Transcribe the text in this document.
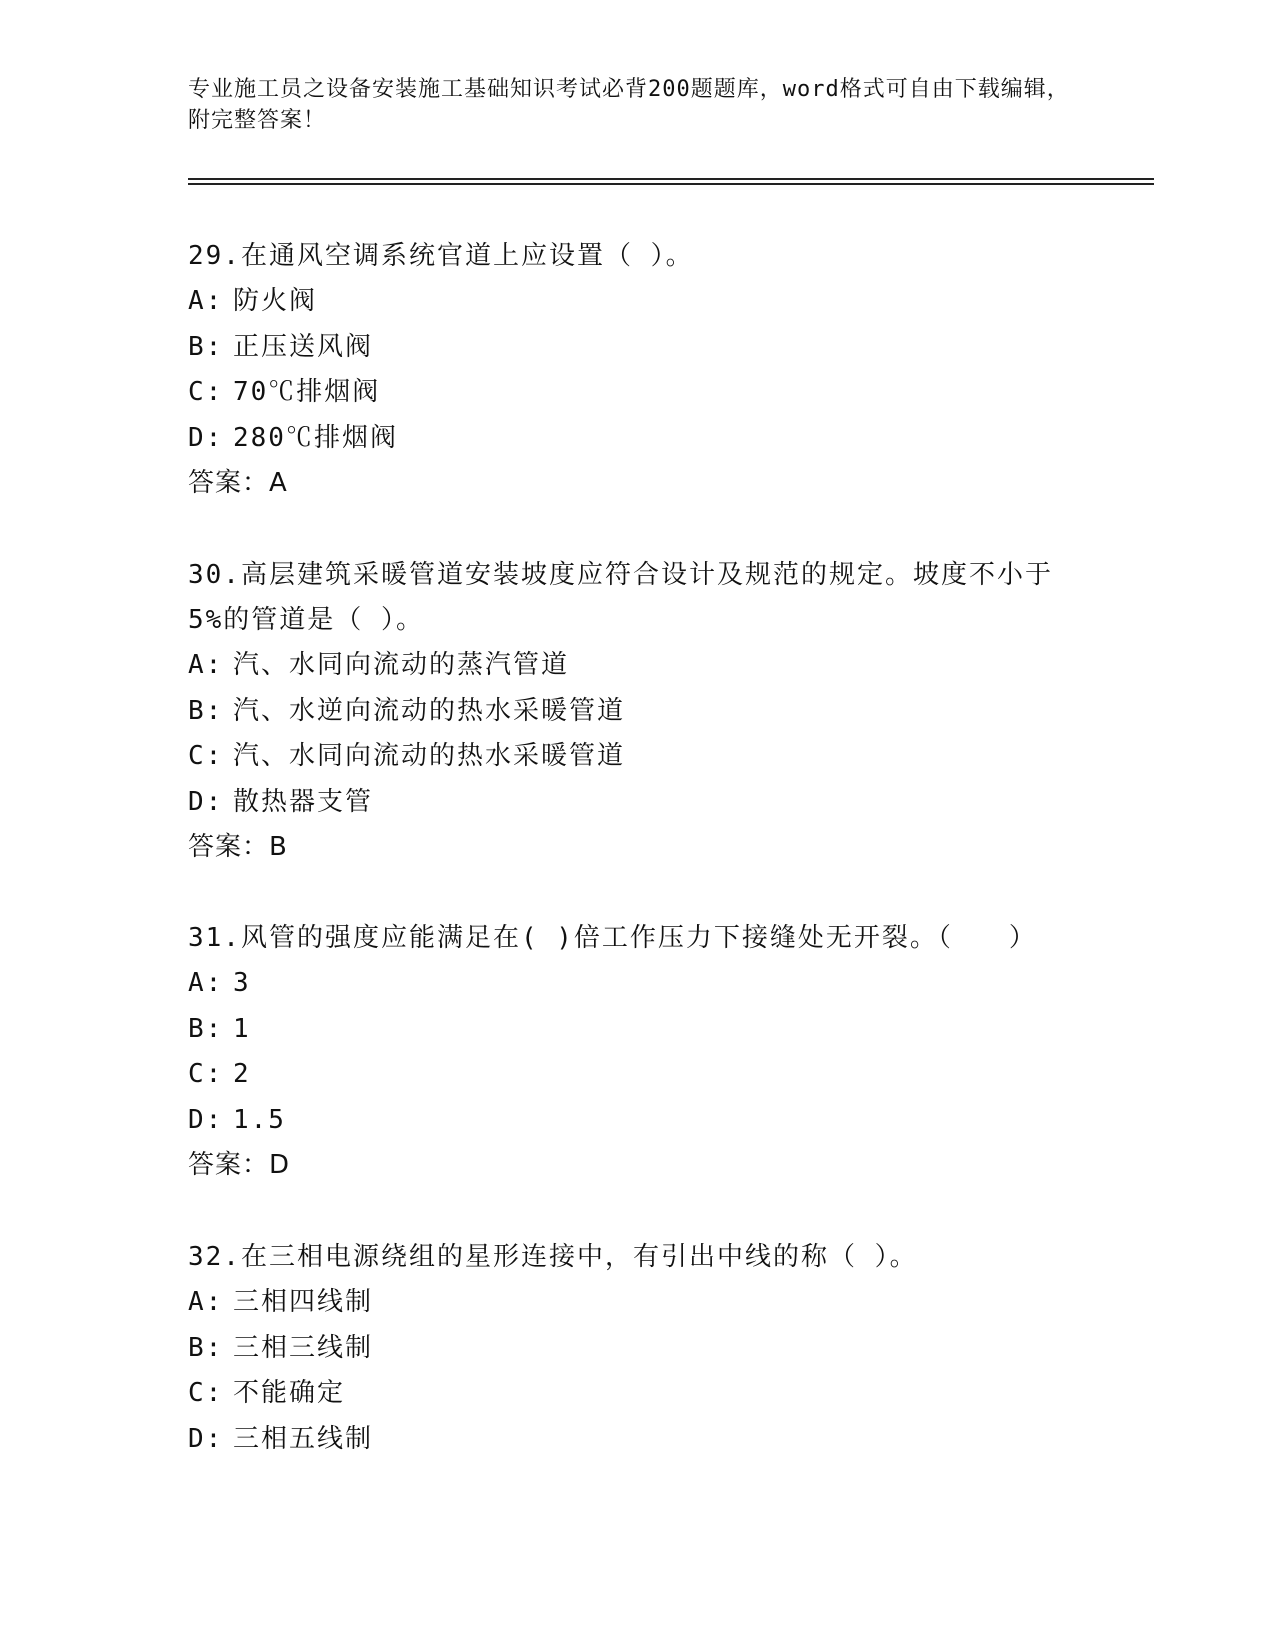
专业施工员之设备安装施工基础知识考试必背200题题库，word格式可自由下载编辑，附完整答案！

29.在通风空调系统官道上应设置（ ）。

A: 防火阀

B: 正压送风阀

C: 70℃排烟阀

D: 280℃排烟阀

答案：A

30.高层建筑采暖管道安装坡度应符合设计及规范的规定。坡度不小于5%的管道是（ ）。

A: 汽、水同向流动的蒸汽管道

B: 汽、水逆向流动的热水采暖管道

C: 汽、水同向流动的热水采暖管道

D: 散热器支管

答案：B

31.风管的强度应能满足在( )倍工作压力下接缝处无开裂。（　　）

A: 3

B: 1

C: 2

D: 1.5

答案：D

32.在三相电源绕组的星形连接中，有引出中线的称（ ）。

A: 三相四线制

B: 三相三线制

C: 不能确定

D: 三相五线制
